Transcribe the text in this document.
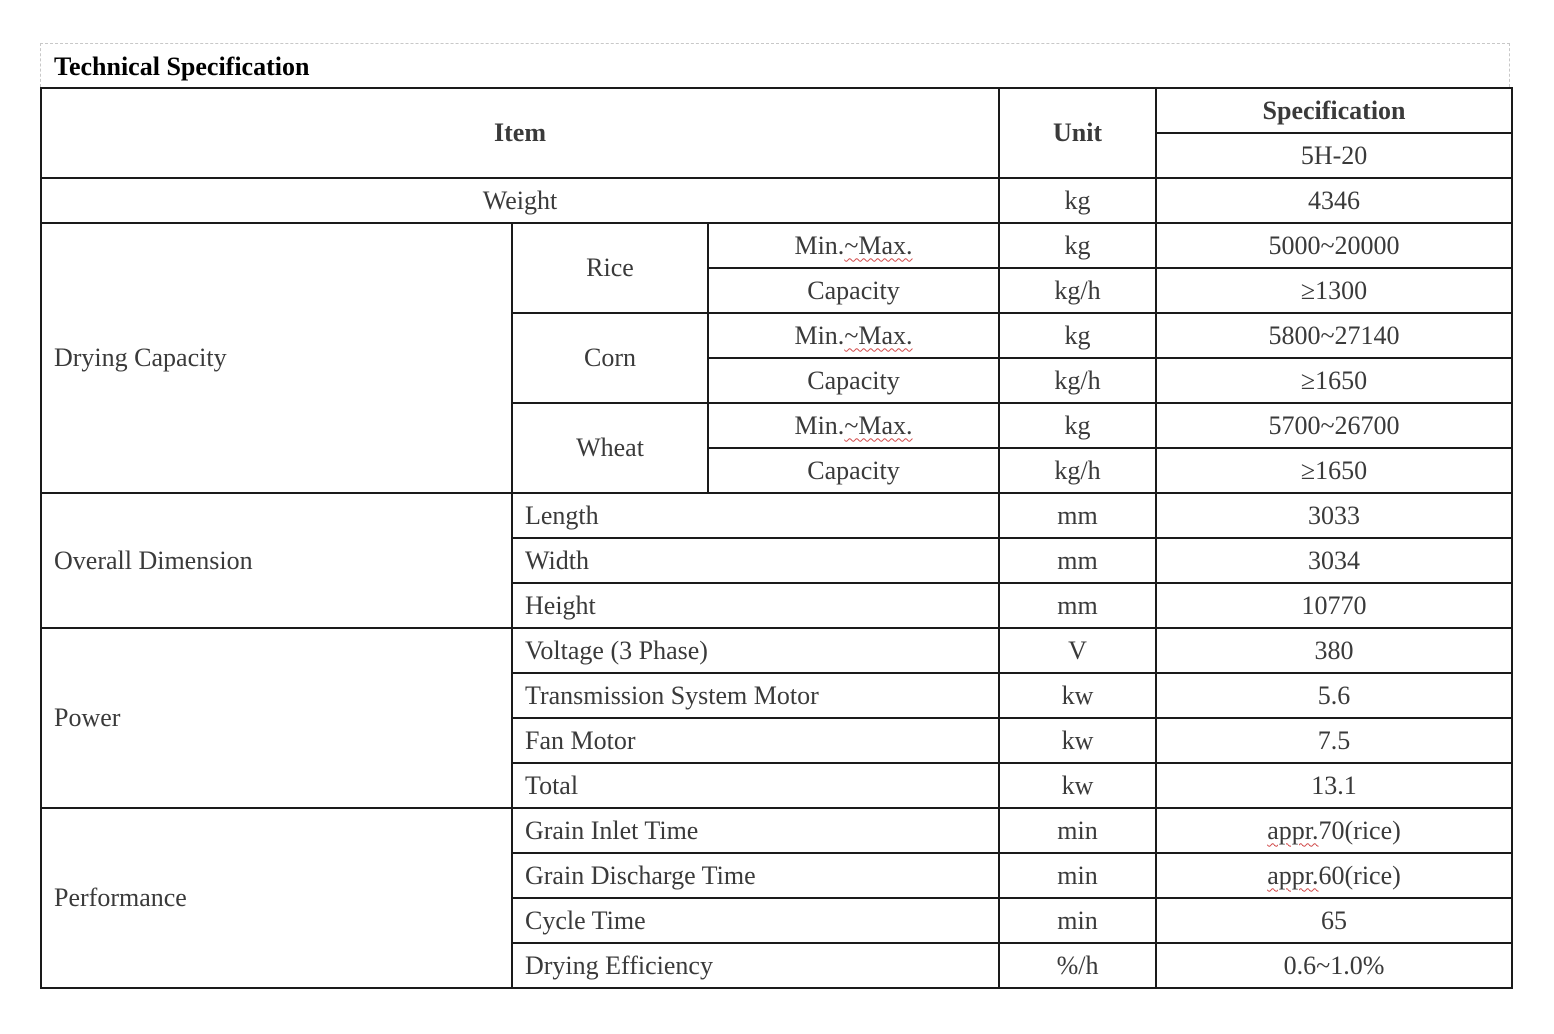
Technical Specification
Item			Unit	Specification
				5H-20
Weight			kg	4346
Drying Capacity	Rice	Min.~Max.	kg	5000~20000
		Capacity	kg/h	≥1300
	Corn	Min.~Max.	kg	5800~27140
		Capacity	kg/h	≥1650
	Wheat	Min.~Max.	kg	5700~26700
		Capacity	kg/h	≥1650
Overall Dimension	Length		mm	3033
	Width		mm	3034
	Height		mm	10770
Power	Voltage (3 Phase)		V	380
	Transmission System Motor		kw	5.6
	Fan Motor		kw	7.5
	Total		kw	13.1
Performance	Grain Inlet Time		min	appr.70(rice)
	Grain Discharge Time		min	appr.60(rice)
	Cycle Time		min	65
	Drying Efficiency		%/h	0.6~1.0%
